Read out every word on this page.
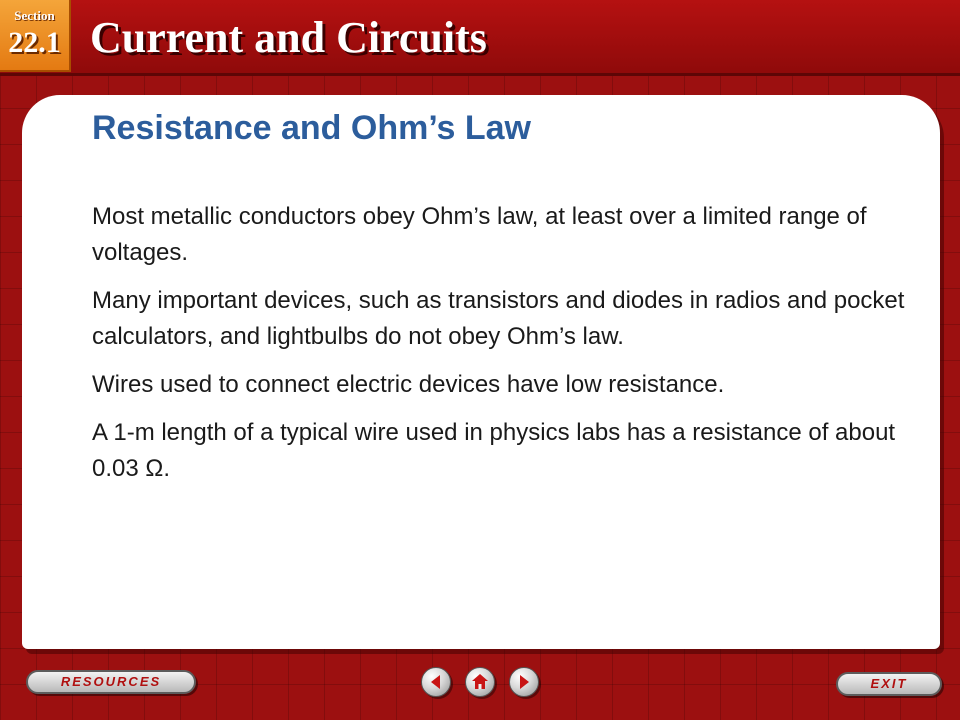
Section
22.1 Current and Circuits
Resistance and Ohm’s Law

Most metallic conductors obey Ohm’s law, at least over a limited range of voltages.

Many important devices, such as transistors and diodes in radios and pocket calculators, and lightbulbs do not obey Ohm’s law.

Wires used to connect electric devices have low resistance.

A 1-m length of a typical wire used in physics labs has a resistance of about 0.03 Ω.

RESOURCES	EXIT
